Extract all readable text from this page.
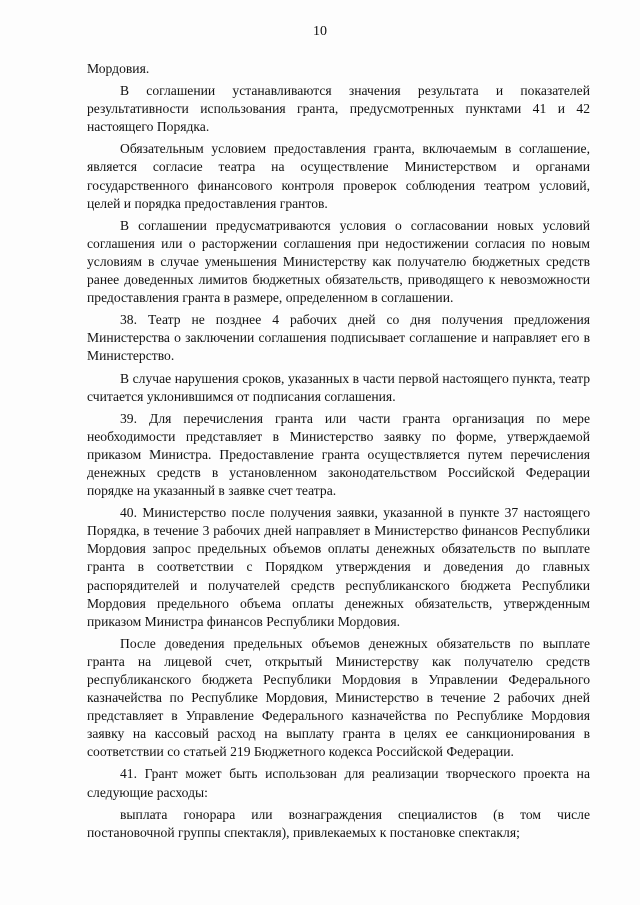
10

Мордовия.

В соглашении устанавливаются значения результата и показателей результативности использования гранта, предусмотренных пунктами 41 и 42 настоящего Порядка.

Обязательным условием предоставления гранта, включаемым в соглашение, является согласие театра на осуществление Министерством и органами государственного финансового контроля проверок соблюдения театром условий, целей и порядка предоставления грантов.

В соглашении предусматриваются условия о согласовании новых условий соглашения или о расторжении соглашения при недостижении согласия по новым условиям в случае уменьшения Министерству как получателю бюджетных средств ранее доведенных лимитов бюджетных обязательств, приводящего к невозможности предоставления гранта в размере, определенном в соглашении.

38. Театр не позднее 4 рабочих дней со дня получения предложения Министерства о заключении соглашения подписывает соглашение и направляет его в Министерство.

В случае нарушения сроков, указанных в части первой настоящего пункта, театр считается уклонившимся от подписания соглашения.

39. Для перечисления гранта или части гранта организация по мере необходимости представляет в Министерство заявку по форме, утверждаемой приказом Министра. Предоставление гранта осуществляется путем перечисления денежных средств в установленном законодательством Российской Федерации порядке на указанный в заявке счет театра.

40. Министерство после получения заявки, указанной в пункте 37 настоящего Порядка, в течение 3 рабочих дней направляет в Министерство финансов Республики Мордовия запрос предельных объемов оплаты денежных обязательств по выплате гранта в соответствии с Порядком утверждения и доведения до главных распорядителей и получателей средств республиканского бюджета Республики Мордовия предельного объема оплаты денежных обязательств, утвержденным приказом Министра финансов Республики Мордовия.

После доведения предельных объемов денежных обязательств по выплате гранта на лицевой счет, открытый Министерству как получателю средств республиканского бюджета Республики Мордовия в Управлении Федерального казначейства по Республике Мордовия, Министерство в течение 2 рабочих дней представляет в Управление Федерального казначейства по Республике Мордовия заявку на кассовый расход на выплату гранта в целях ее санкционирования в соответствии со статьей 219 Бюджетного кодекса Российской Федерации.

41. Грант может быть использован для реализации творческого проекта на следующие расходы:

выплата гонорара или вознаграждения специалистов (в том числе постановочной группы спектакля), привлекаемых к постановке спектакля;
